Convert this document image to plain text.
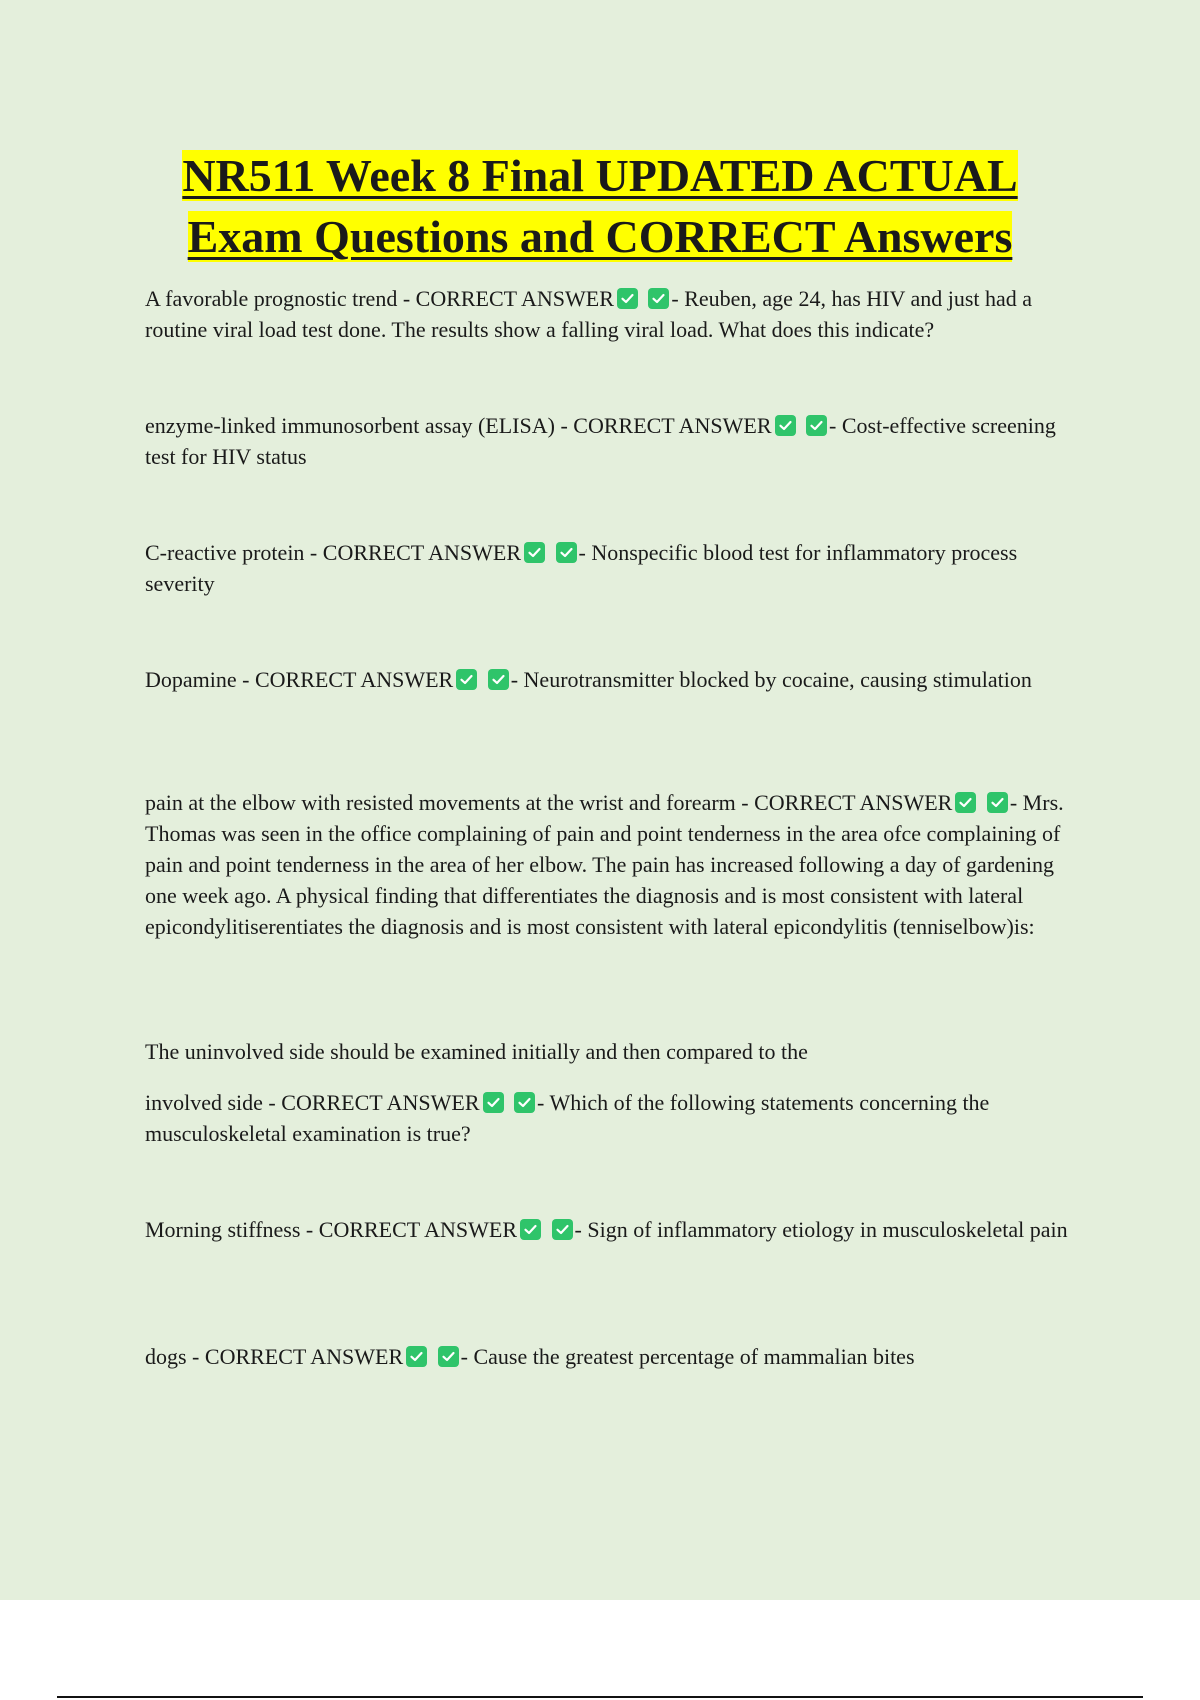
NR511 Week 8 Final UPDATED ACTUAL
Exam Questions and CORRECT Answers

A favorable prognostic trend - CORRECT ANSWER
	- Reuben, age 24, has HIV and just had a routine viral load test done. The results show a falling viral load. What does this indicate?

enzyme-linked immunosorbent assay (ELISA) - CORRECT ANSWER
	- Cost-effective screening test for HIV status

C-reactive protein - CORRECT ANSWER
	- Nonspecific blood test for inflammatory process severity

Dopamine - CORRECT ANSWER
	- Neurotransmitter blocked by cocaine, causing stimulation

pain at the elbow with resisted movements at the wrist and forearm - CORRECT ANSWER
	- Mrs. Thomas was seen in the office complaining of pain and point tenderness in the area ofce complaining of pain and point tenderness in the area of her elbow. The pain has increased following a day of gardening one week ago. A physical finding that differentiates the diagnosis and is most consistent with lateral epicondylitiserentiates the diagnosis and is most consistent with lateral epicondylitis (tenniselbow)is:

The uninvolved side should be examined initially and then compared to the

involved side - CORRECT ANSWER
	- Which of the following statements concerning the musculoskeletal examination is true?

Morning stiffness - CORRECT ANSWER
	- Sign of inflammatory etiology in musculoskeletal pain

dogs - CORRECT ANSWER
	- Cause the greatest percentage of mammalian bites
